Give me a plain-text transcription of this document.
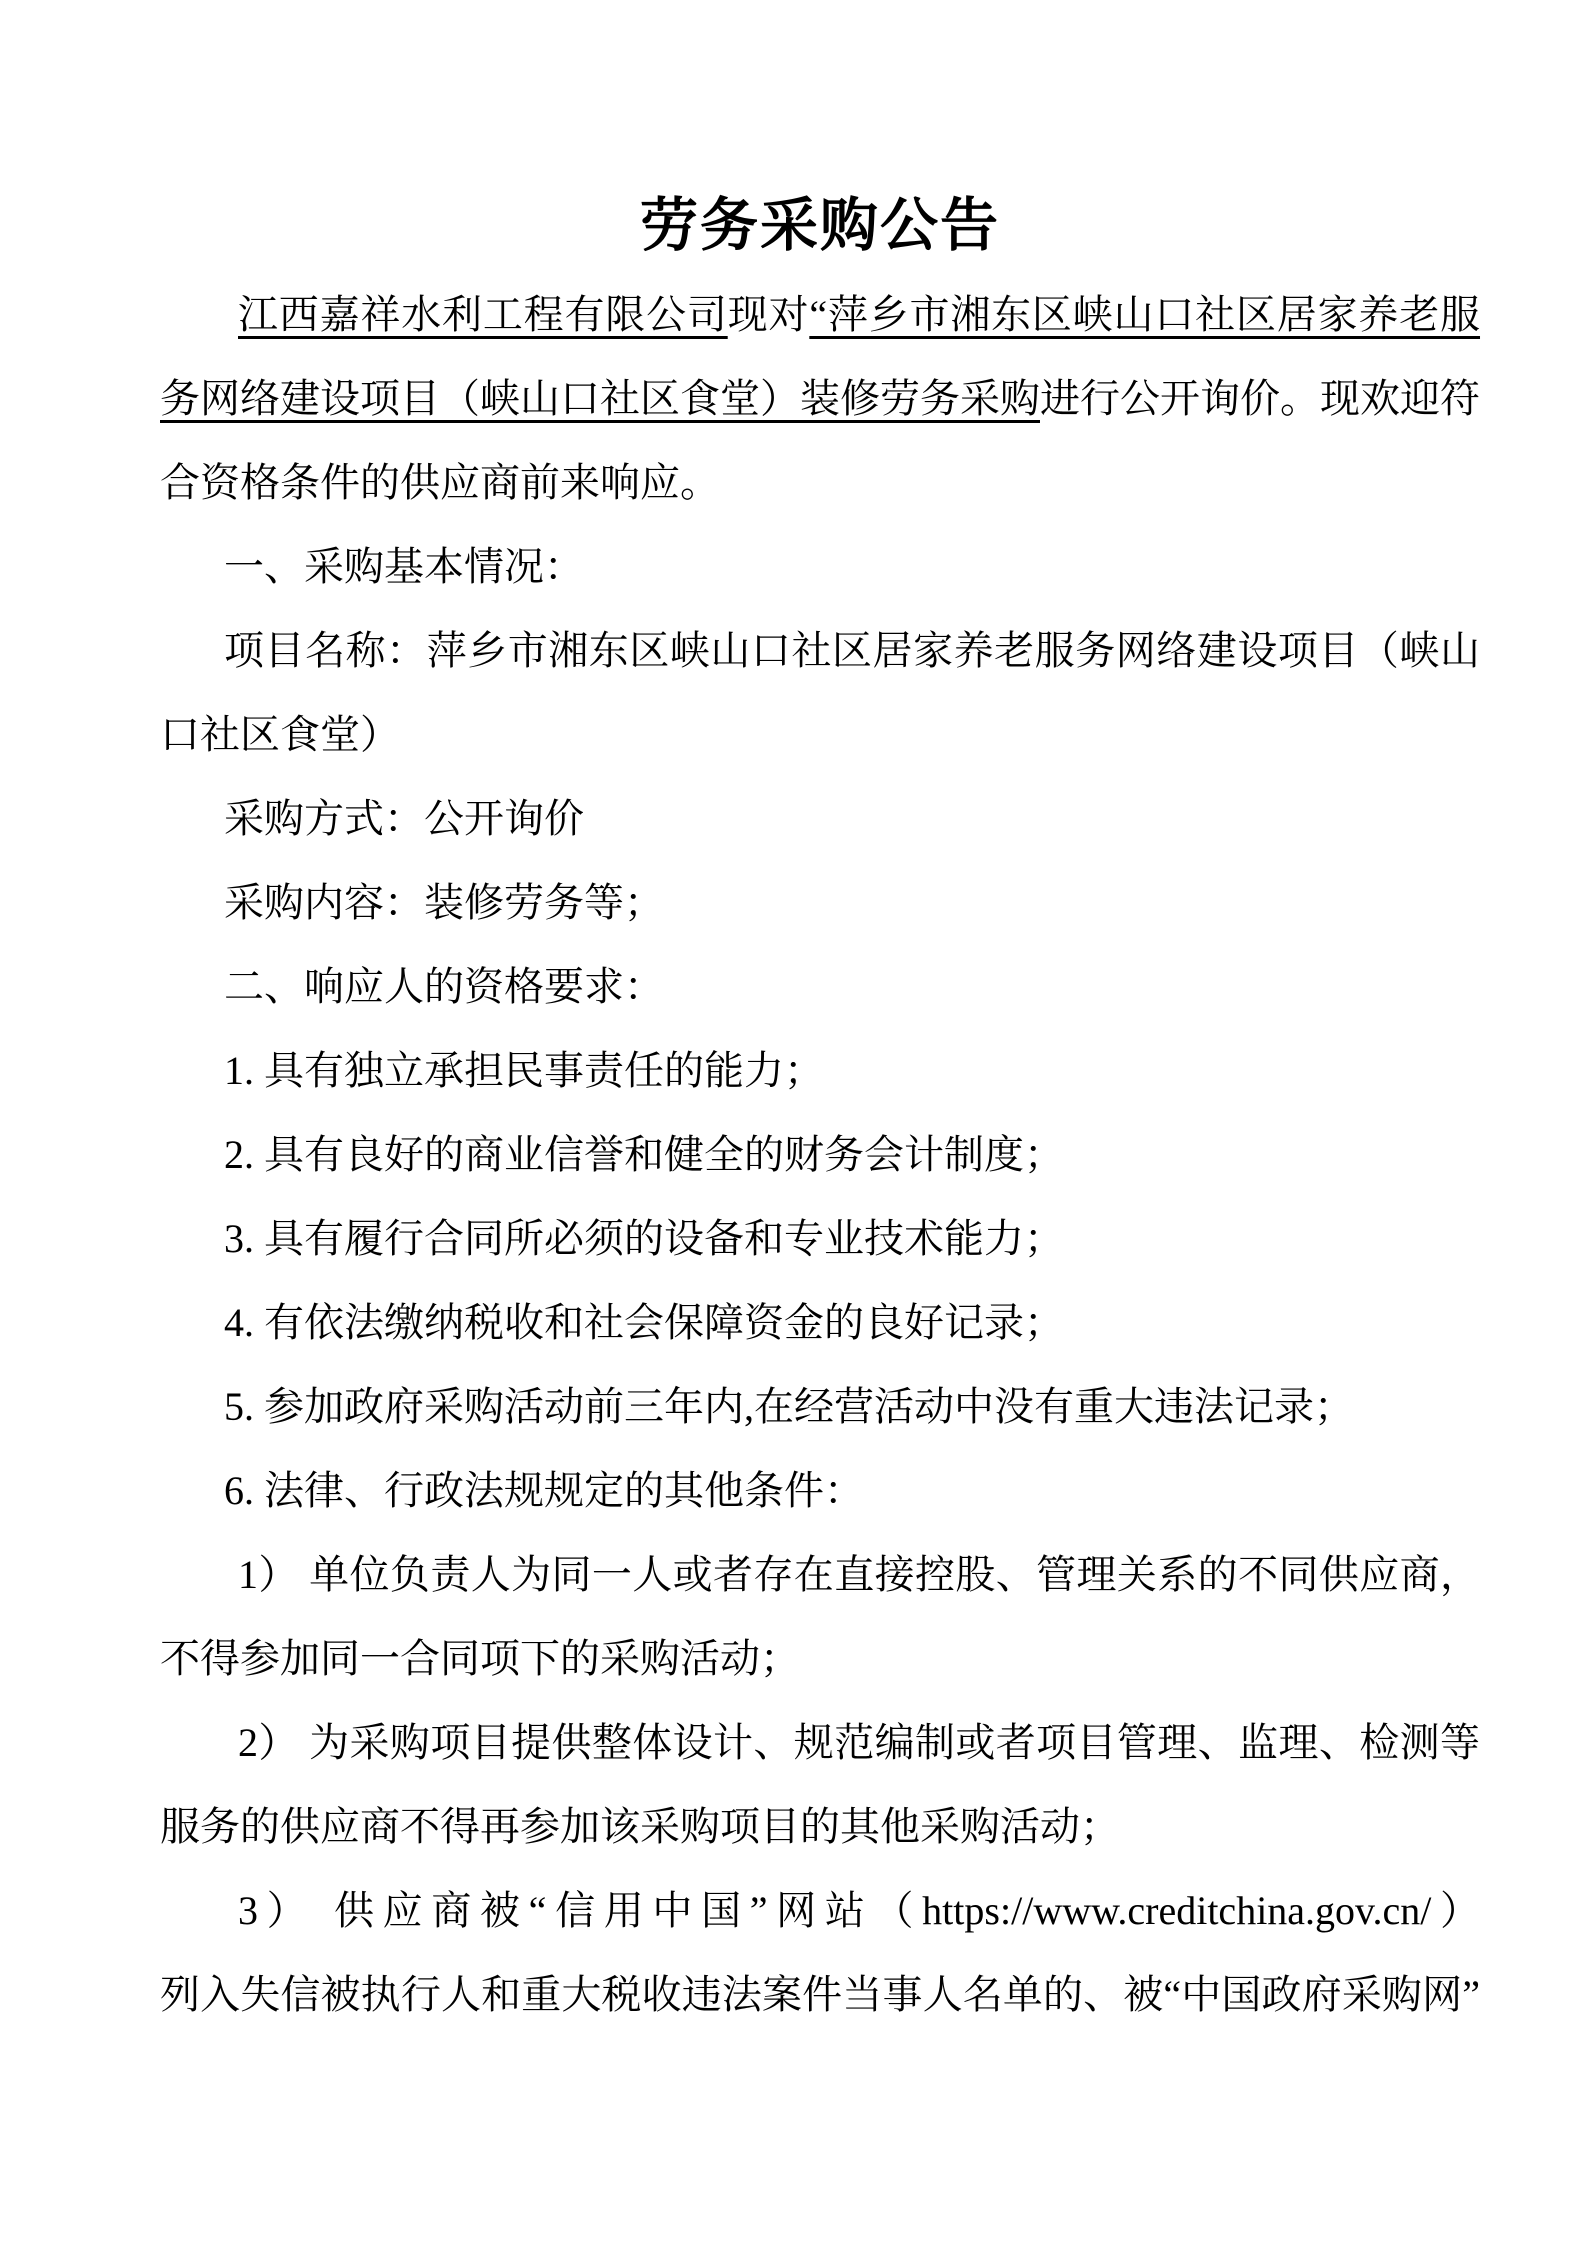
劳务采购公告

江西嘉祥水利工程有限公司现对“萍乡市湘东区峡山口社区居家养老服

务网络建设项目（峡山口社区食堂）装修劳务采购进行公开询价。现欢迎符

合资格条件的供应商前来响应。

一、采购基本情况：

项目名称：萍乡市湘东区峡山口社区居家养老服务网络建设项目（峡山

口社区食堂）

采购方式：公开询价

采购内容：装修劳务等；

二、响应人的资格要求：

1. 具有独立承担民事责任的能力；

2. 具有良好的商业信誉和健全的财务会计制度；

3. 具有履行合同所必须的设备和专业技术能力；

4. 有依法缴纳税收和社会保障资金的良好记录；

5. 参加政府采购活动前三年内,在经营活动中没有重大违法记录；

6. 法律、行政法规规定的其他条件：

1） 单位负责人为同一人或者存在直接控股、管理关系的不同供应商，

不得参加同一合同项下的采购活动；

2） 为采购项目提供整体设计、规范编制或者项目管理、监理、检测等

服务的供应商不得再参加该采购项目的其他采购活动；

3） 供应商被“信用中国”网站（https://www.creditchina.gov.cn/）

列入失信被执行人和重大税收违法案件当事人名单的、被“中国政府采购网”
